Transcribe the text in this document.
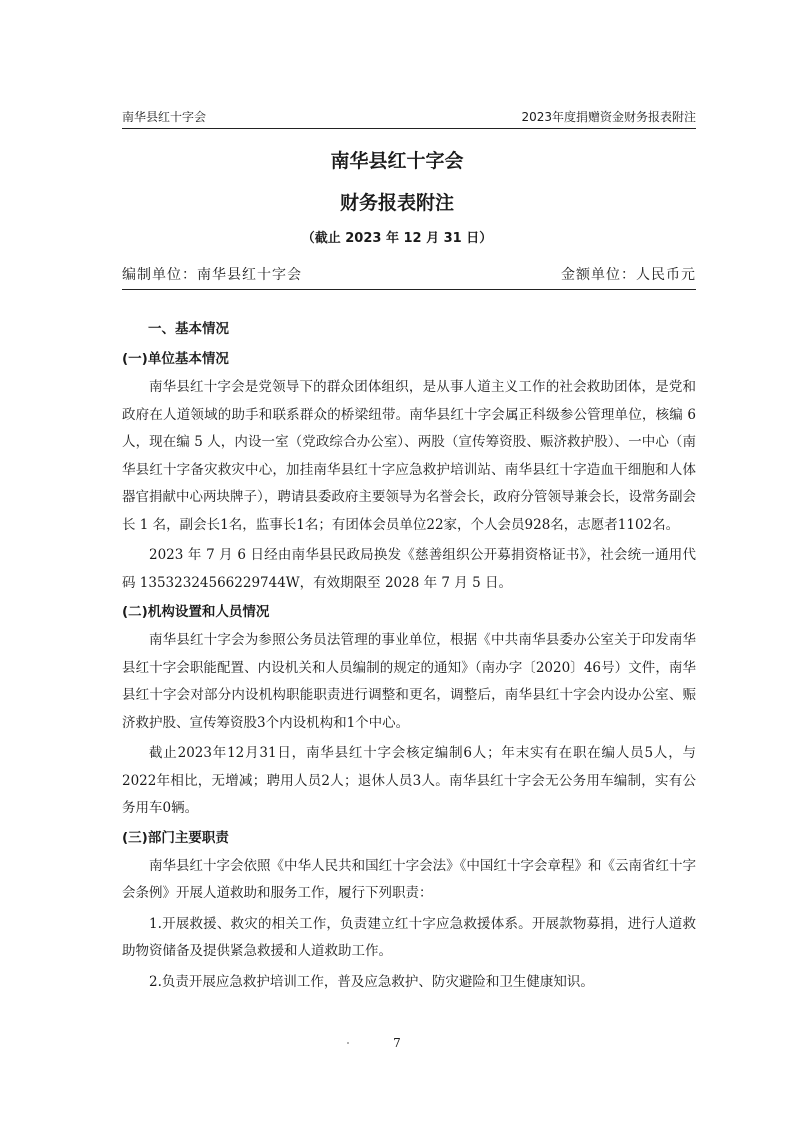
南华县红十字会	2023年度捐赠资金财务报表附注
南华县红十字会
财务报表附注
（截止 2023 年 12 月 31 日）
编制单位：南华县红十字会	金额单位：人民币元
一、基本情况
(一)单位基本情况

南华县红十字会是党领导下的群众团体组织，是从事人道主义工作的社会救助团体，是党和政府在人道领域的助手和联系群众的桥梁纽带。南华县红十字会属正科级参公管理单位，核编 6 人，现在编 5 人，内设一室（党政综合办公室）、两股（宣传筹资股、赈济救护股）、一中心（南华县红十字备灾救灾中心，加挂南华县红十字应急救护培训站、南华县红十字造血干细胞和人体器官捐献中心两块牌子），聘请县委政府主要领导为名誉会长，政府分管领导兼会长，设常务副会长 1 名，副会长1名，监事长1名；有团体会员单位22家，个人会员928名，志愿者1102名。

2023 年 7 月 6 日经由南华县民政局换发《慈善组织公开募捐资格证书》，社会统一通用代码 13532324566229744W，有效期限至 2028 年 7 月 5 日。

(二)机构设置和人员情况

南华县红十字会为参照公务员法管理的事业单位，根据《中共南华县委办公室关于印发南华县红十字会职能配置、内设机关和人员编制的规定的通知》（南办字〔2020〕46号）文件，南华县红十字会对部分内设机构职能职责进行调整和更名，调整后，南华县红十字会内设办公室、赈济救护股、宣传筹资股3个内设机构和1个中心。

截止2023年12月31日，南华县红十字会核定编制6人；年末实有在职在编人员5人，与2022年相比，无增减；聘用人员2人；退休人员3人。南华县红十字会无公务用车编制，实有公务用车0辆。

(三)部门主要职责

南华县红十字会依照《中华人民共和国红十字会法》《中国红十字会章程》和《云南省红十字会条例》开展人道救助和服务工作，履行下列职责：

1.开展救援、救灾的相关工作，负责建立红十字应急救援体系。开展款物募捐，进行人道救助物资储备及提供紧急救援和人道救助工作。

2.负责开展应急救护培训工作，普及应急救护、防灾避险和卫生健康知识。

7
